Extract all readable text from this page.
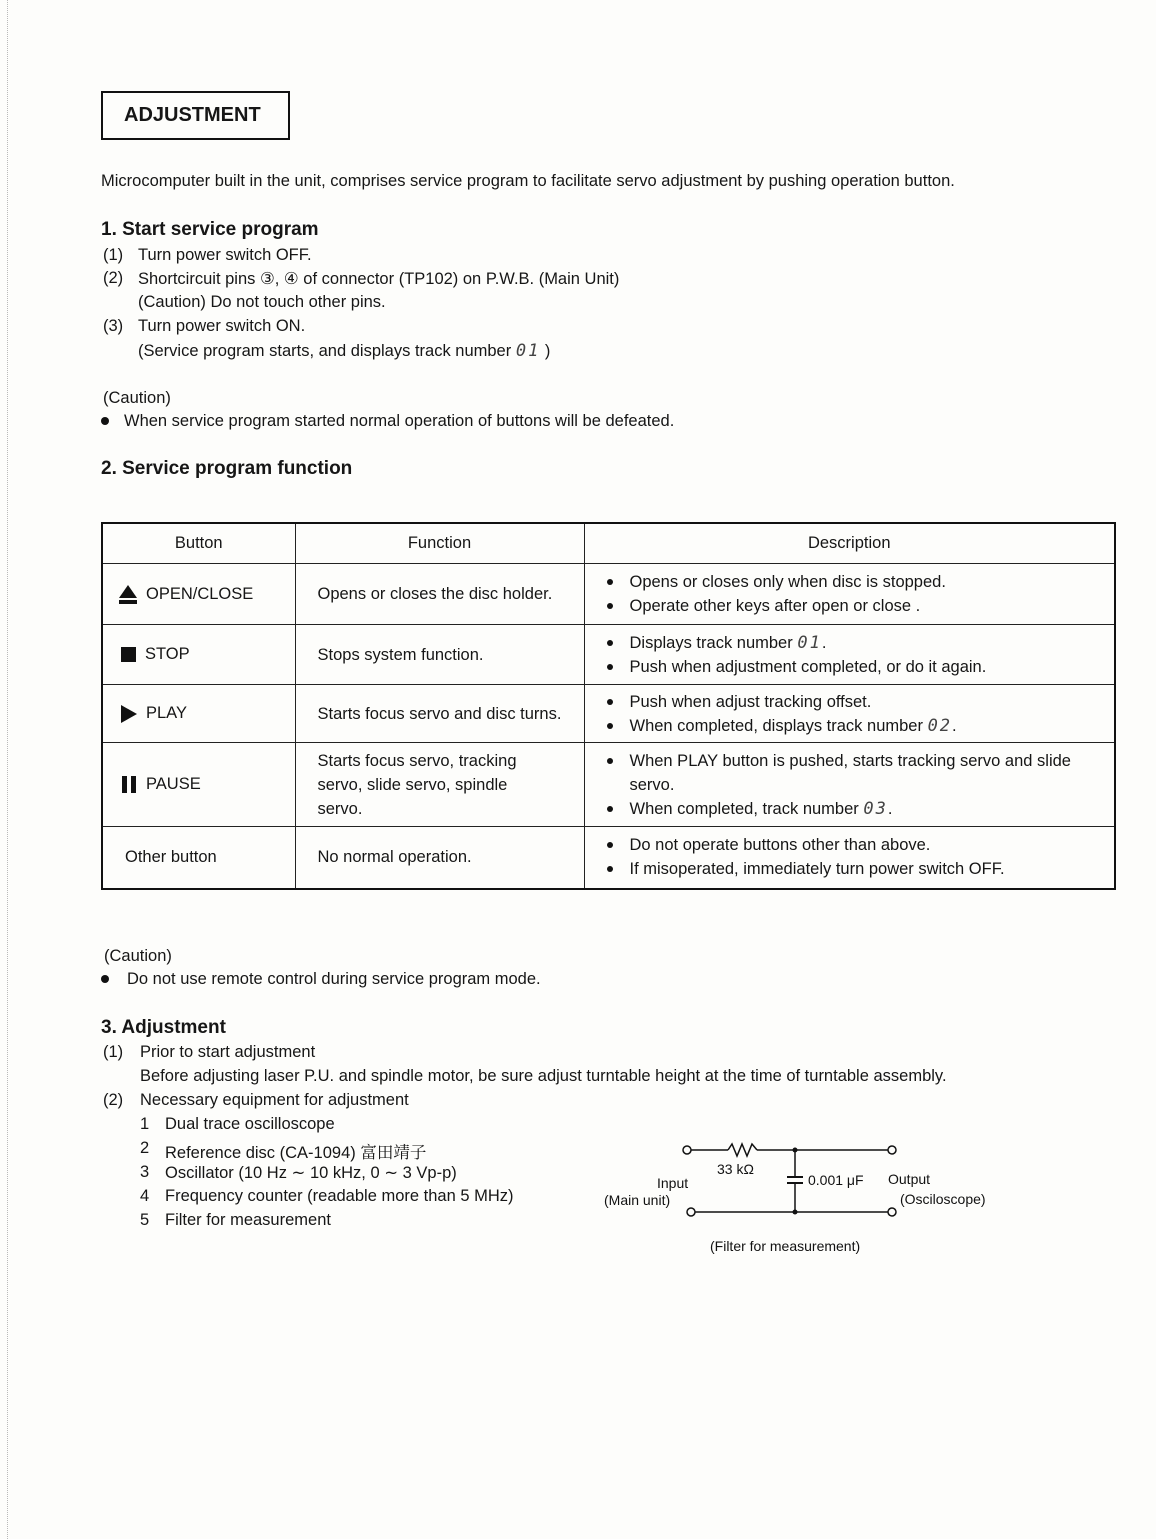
ADJUSTMENT
Microcomputer built in the unit, comprises service program to facilitate servo adjustment by pushing operation button.
1. Start service program
(1) Turn power switch OFF.
(2) Shortcircuit pins ③, ④ of connector (TP102) on P.W.B. (Main Unit)
(Caution) Do not touch other pins.
(3) Turn power switch ON.
(Service program starts, and displays track number 01 )
(Caution)
When service program started normal operation of buttons will be defeated.
2. Service program function
Button	Function	Description
OPEN/CLOSE	Opens or closes the disc holder.	Opens or closes only when disc is stopped.
Operate other keys after open or close .

STOP	Stops system function.	Displays track number 01.
Push when adjustment completed, or do it again.

PLAY	Starts focus servo and disc turns.	Push when adjust tracking offset.
When completed, displays track number 02.

PAUSE	Starts focus servo, tracking servo, slide servo, spindle servo.	When PLAY button is pushed, starts tracking servo and slide servo.
When completed, track number 03.

Other button	No normal operation.	Do not operate buttons other than above.
If misoperated, immediately turn power switch OFF.
(Caution)
Do not use remote control during service program mode.
3. Adjustment
(1) Prior to start adjustment
Before adjusting laser P.U. and spindle motor, be sure adjust turntable height at the time of turntable assembly.
(2) Necessary equipment for adjustment
1 Dual trace oscilloscope
2 Reference disc (CA-1094) 富田靖子
3 Oscillator (10 Hz ∼ 10 kHz, 0 ∼ 3 Vp-p)
4 Frequency counter (readable more than 5 MHz)
5 Filter for measurement
33 kΩ
0.001 μF
Input
(Main unit)
Output
(Osciloscope)
(Filter for measurement)
